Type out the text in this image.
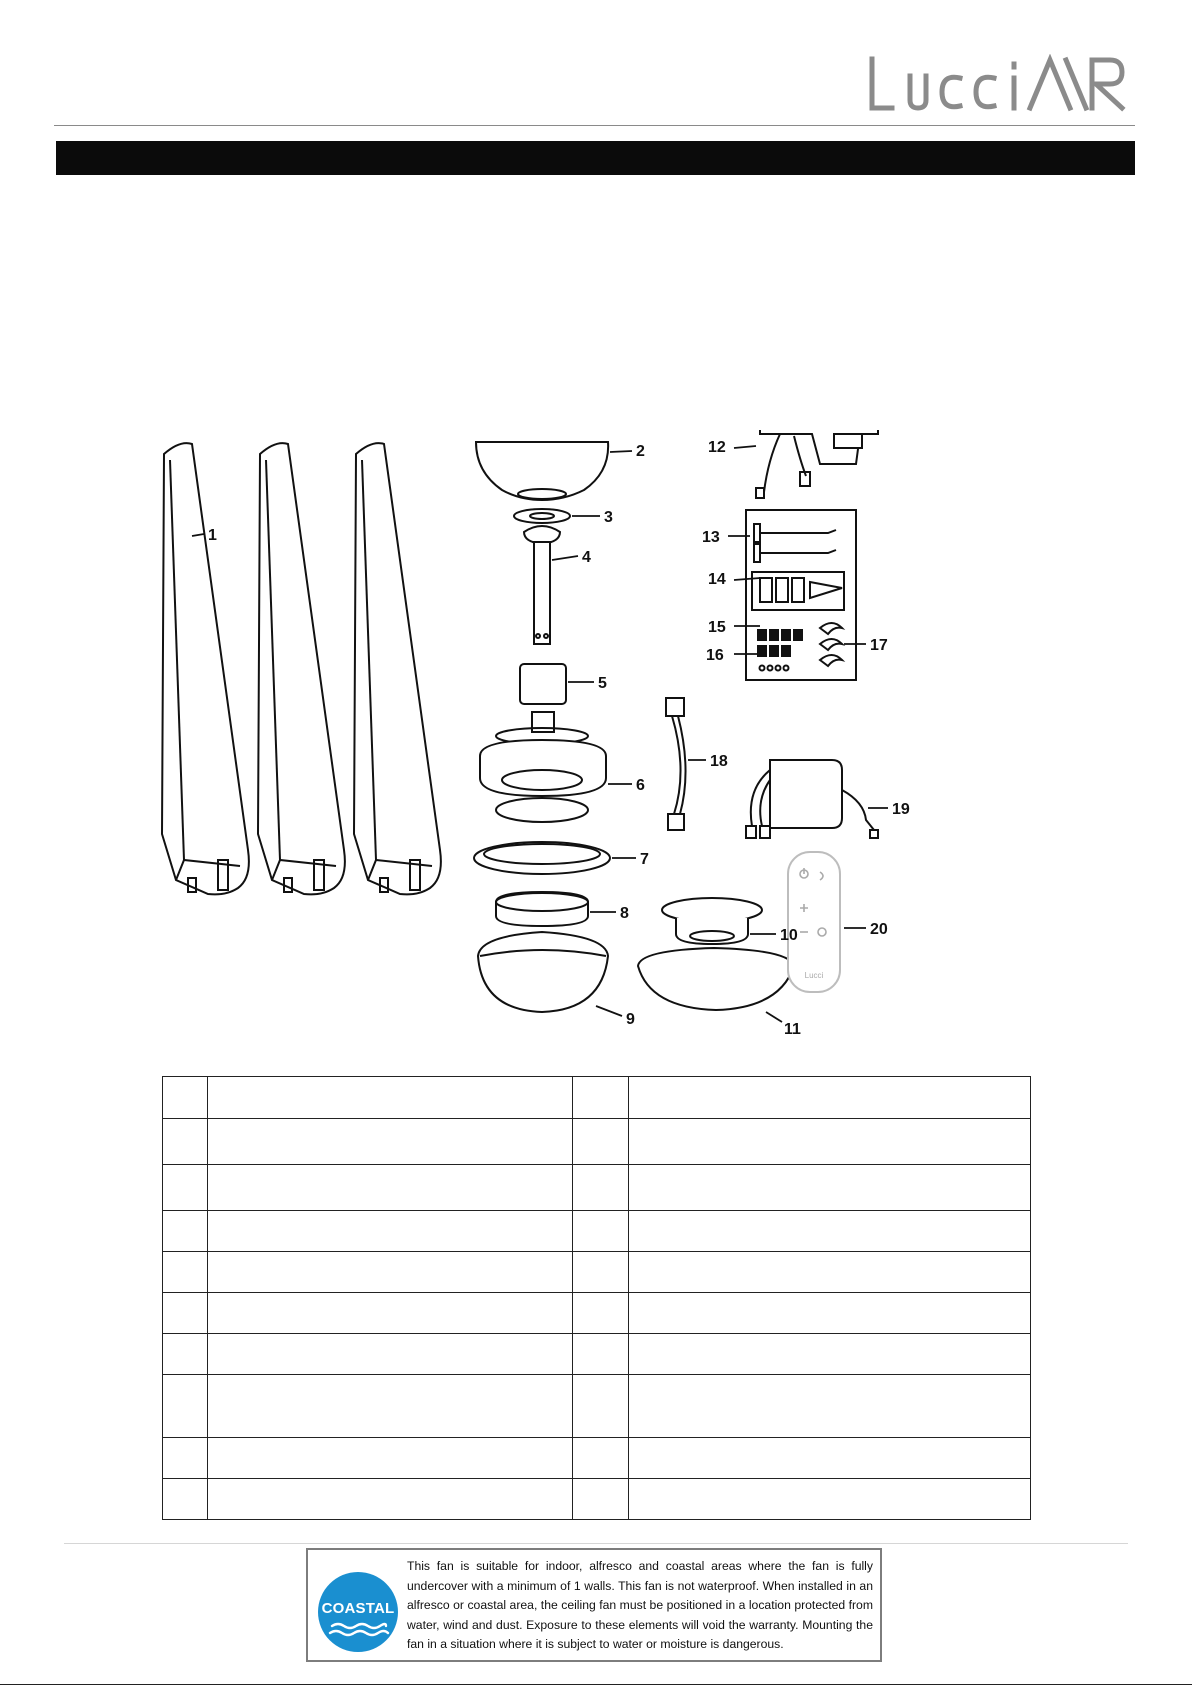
Lucci
1
2
3
4
5
6
7
8
9
10
11
12
13
14
15
16
17
18
19
20

COASTAL
This fan is suitable for indoor, alfresco and coastal areas where the fan is fully undercover with a minimum of 1 walls. This fan is not waterproof. When installed in an alfresco or coastal area, the ceiling fan must be positioned in a location protected from water, wind and dust. Exposure to these elements will void the warranty. Mounting the fan in a situation where it is subject to water or moisture is dangerous.
